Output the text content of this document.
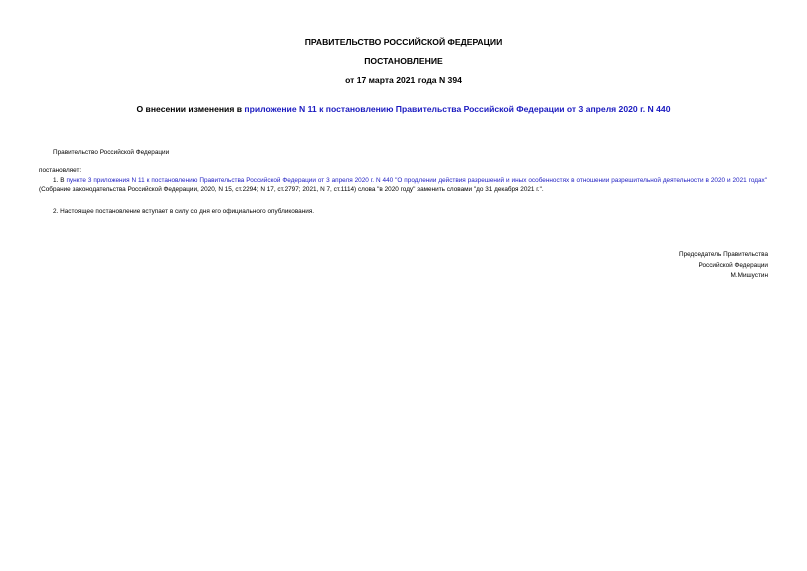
ПРАВИТЕЛЬСТВО РОССИЙСКОЙ ФЕДЕРАЦИИ
ПОСТАНОВЛЕНИЕ
от 17 марта 2021 года N 394
О внесении изменения в приложение N 11 к постановлению Правительства Российской Федерации от 3 апреля 2020 г. N 440
Правительство Российской Федерации
постановляет:
1. В пункте 3 приложения N 11 к постановлению Правительства Российской Федерации от 3 апреля 2020 г. N 440 "О продлении действия разрешений и иных особенностях в отношении разрешительной деятельности в 2020 и 2021 годах" (Собрание законодательства Российской Федерации, 2020, N 15, ст.2294; N 17, ст.2797; 2021, N 7, ст.1114) слова "в 2020 году" заменить словами "до 31 декабря 2021 г.".
2. Настоящее постановление вступает в силу со дня его официального опубликования.
Председатель Правительства
Российской Федерации
М.Мишустин
